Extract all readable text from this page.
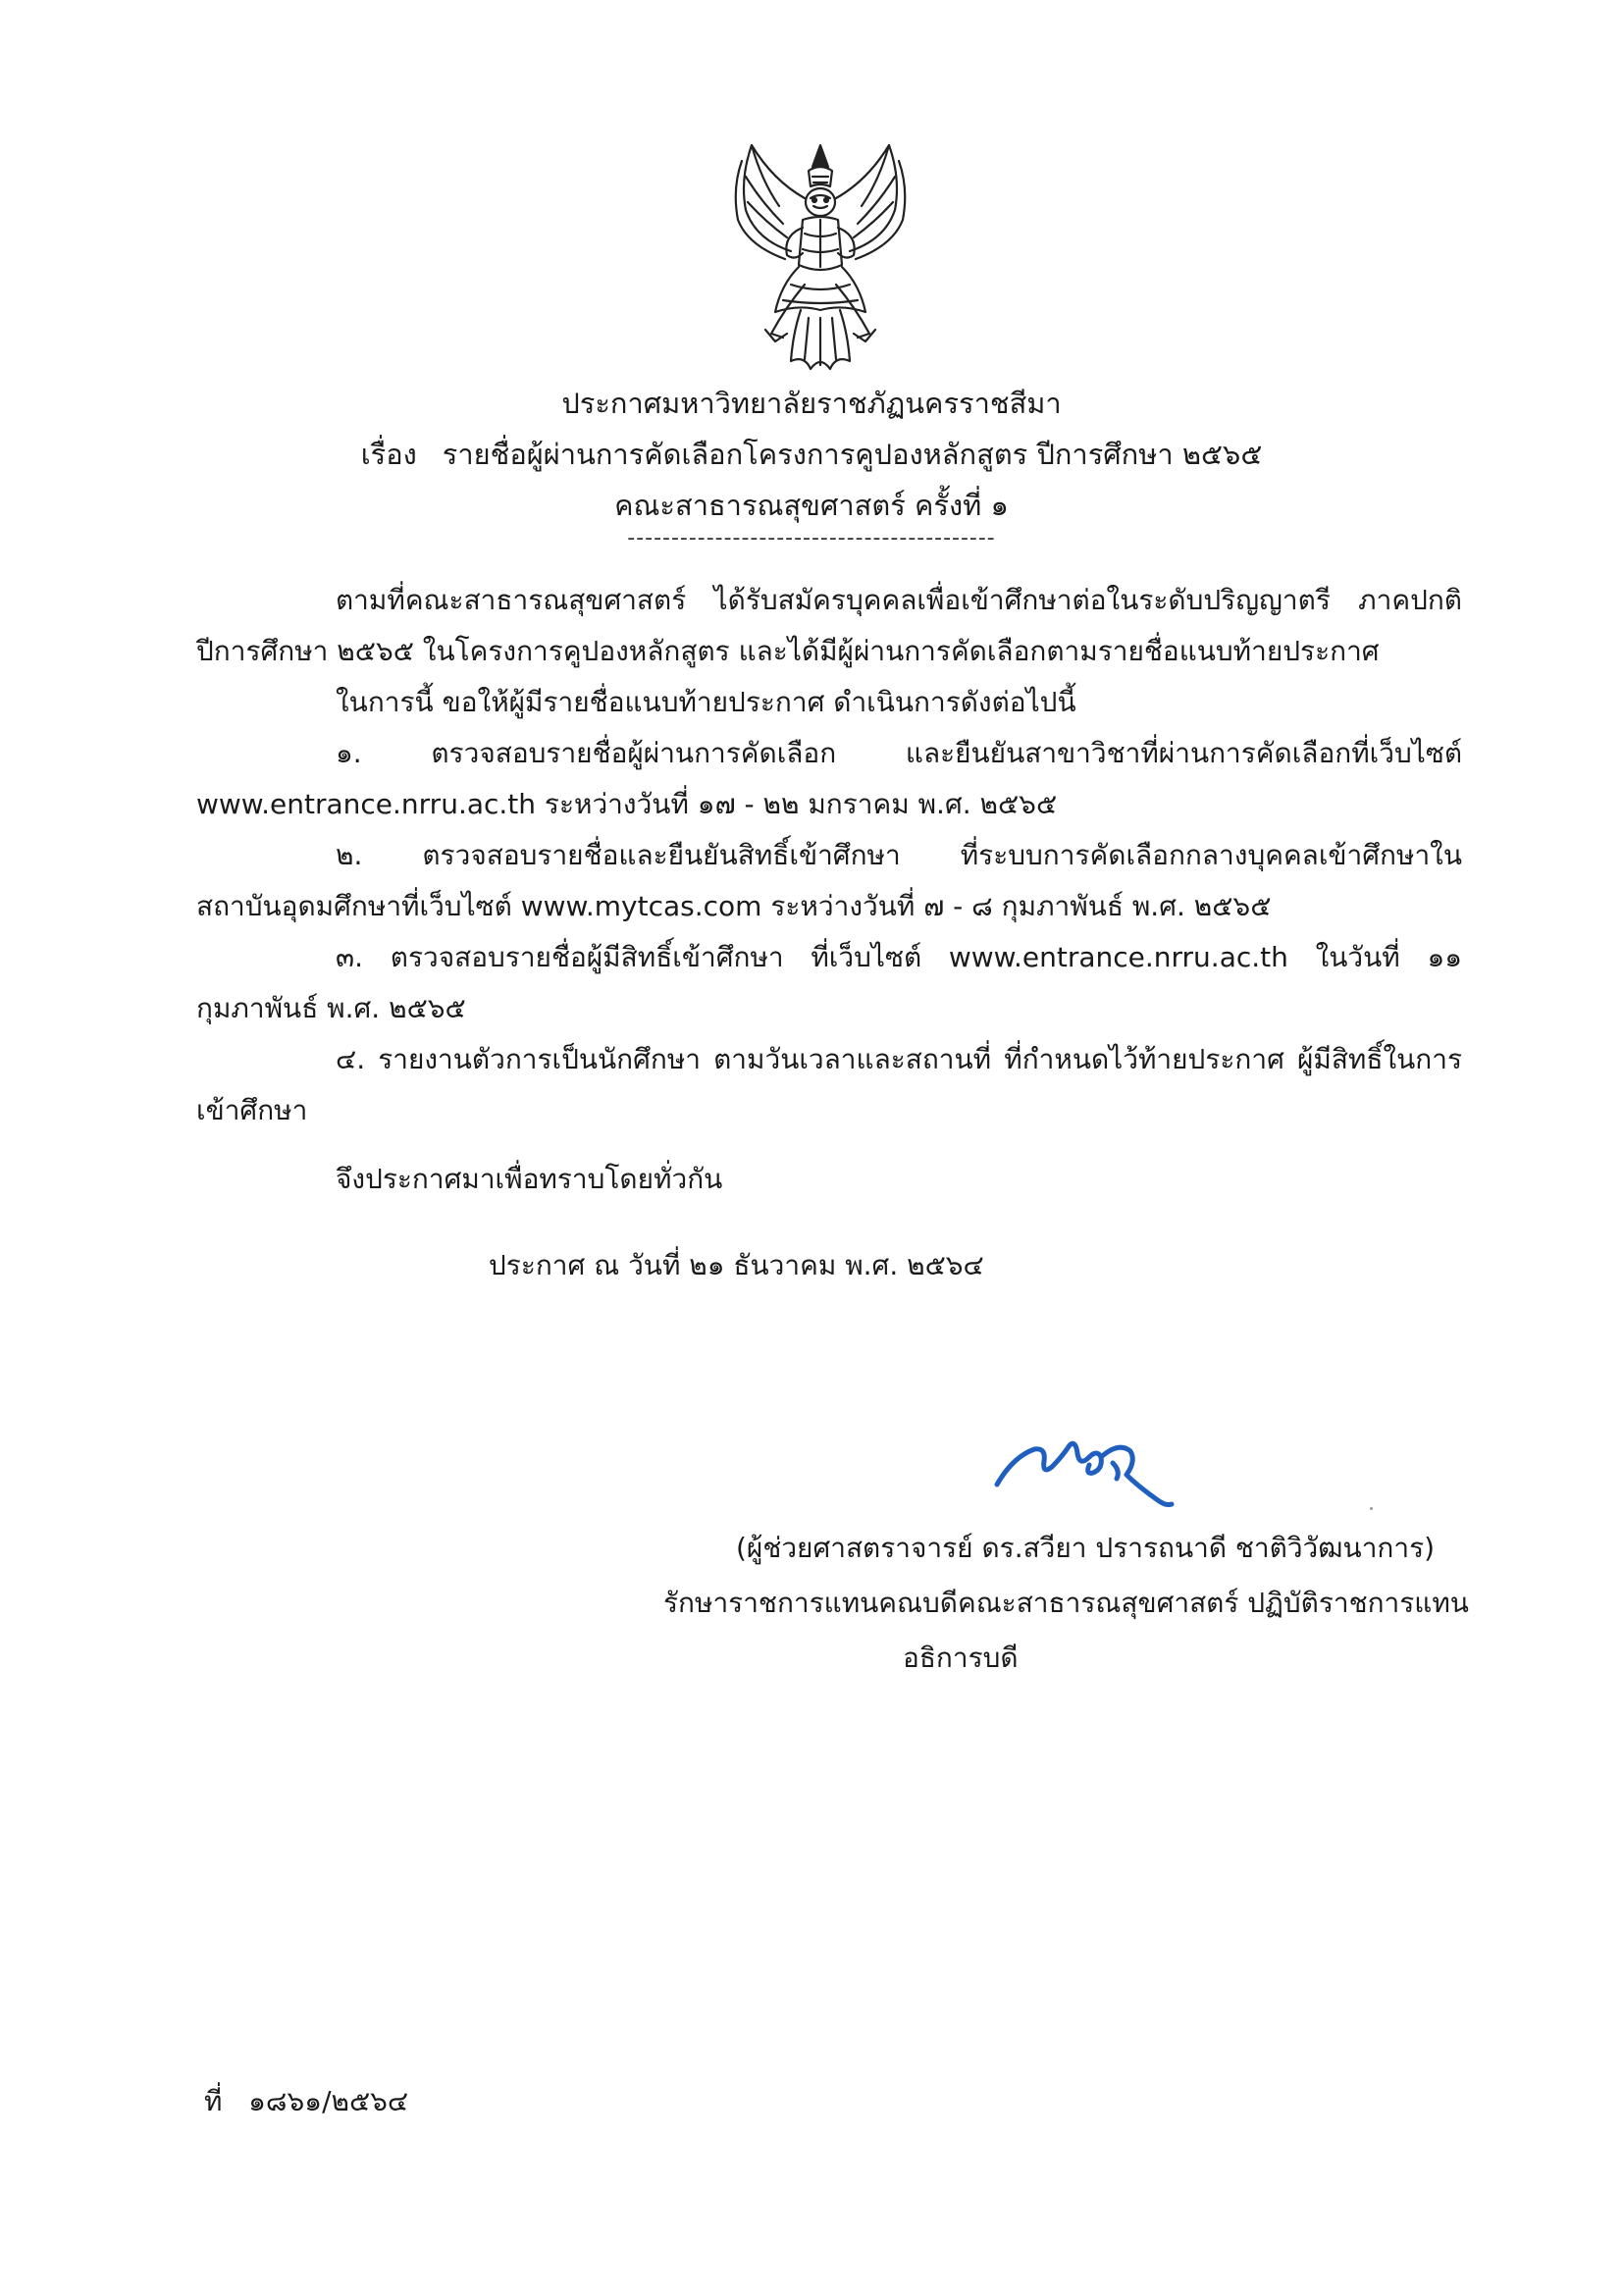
ประกาศมหาวิทยาลัยราชภัฏนครราชสีมา
เรื่อง รายชื่อผู้ผ่านการคัดเลือกโครงการคูปองหลักสูตร ปีการศึกษา ๒๕๖๕
คณะสาธารณสุขศาสตร์ ครั้งที่ ๑
------------------------------------------

ตามที่คณะสาธารณสุขศาสตร์ ได้รับสมัครบุคคลเพื่อเข้าศึกษาต่อในระดับปริญญาตรี ภาคปกติ

ปีการศึกษา ๒๕๖๕ ในโครงการคูปองหลักสูตร และได้มีผู้ผ่านการคัดเลือกตามรายชื่อแนบท้ายประกาศ

ในการนี้ ขอให้ผู้มีรายชื่อแนบท้ายประกาศ ดำเนินการดังต่อไปนี้

๑. ตรวจสอบรายชื่อผู้ผ่านการคัดเลือก และยืนยันสาขาวิชาที่ผ่านการคัดเลือกที่เว็บไซต์

www.entrance.nrru.ac.th ระหว่างวันที่ ๑๗ - ๒๒ มกราคม พ.ศ. ๒๕๖๕

๒. ตรวจสอบรายชื่อและยืนยันสิทธิ์เข้าศึกษา ที่ระบบการคัดเลือกกลางบุคคลเข้าศึกษาใน

สถาบันอุดมศึกษาที่เว็บไซต์ www.mytcas.com ระหว่างวันที่ ๗ - ๘ กุมภาพันธ์ พ.ศ. ๒๕๖๕

๓. ตรวจสอบรายชื่อผู้มีสิทธิ์เข้าศึกษา ที่เว็บไซต์ www.entrance.nrru.ac.th ในวันที่ ๑๑

กุมภาพันธ์ พ.ศ. ๒๕๖๕

๔. รายงานตัวการเป็นนักศึกษา ตามวันเวลาและสถานที่ ที่กำหนดไว้ท้ายประกาศ ผู้มีสิทธิ์ในการ

เข้าศึกษา

จึงประกาศมาเพื่อทราบโดยทั่วกัน
ประกาศ ณ วันที่ ๒๑ ธันวาคม พ.ศ. ๒๕๖๔
(ผู้ช่วยศาสตราจารย์ ดร.สวียา ปรารถนาดี ชาติวิวัฒนาการ)
รักษาราชการแทนคณบดีคณะสาธารณสุขศาสตร์ ปฏิบัติราชการแทน
อธิการบดี
ที่   ๑๘๖๑/๒๕๖๔
